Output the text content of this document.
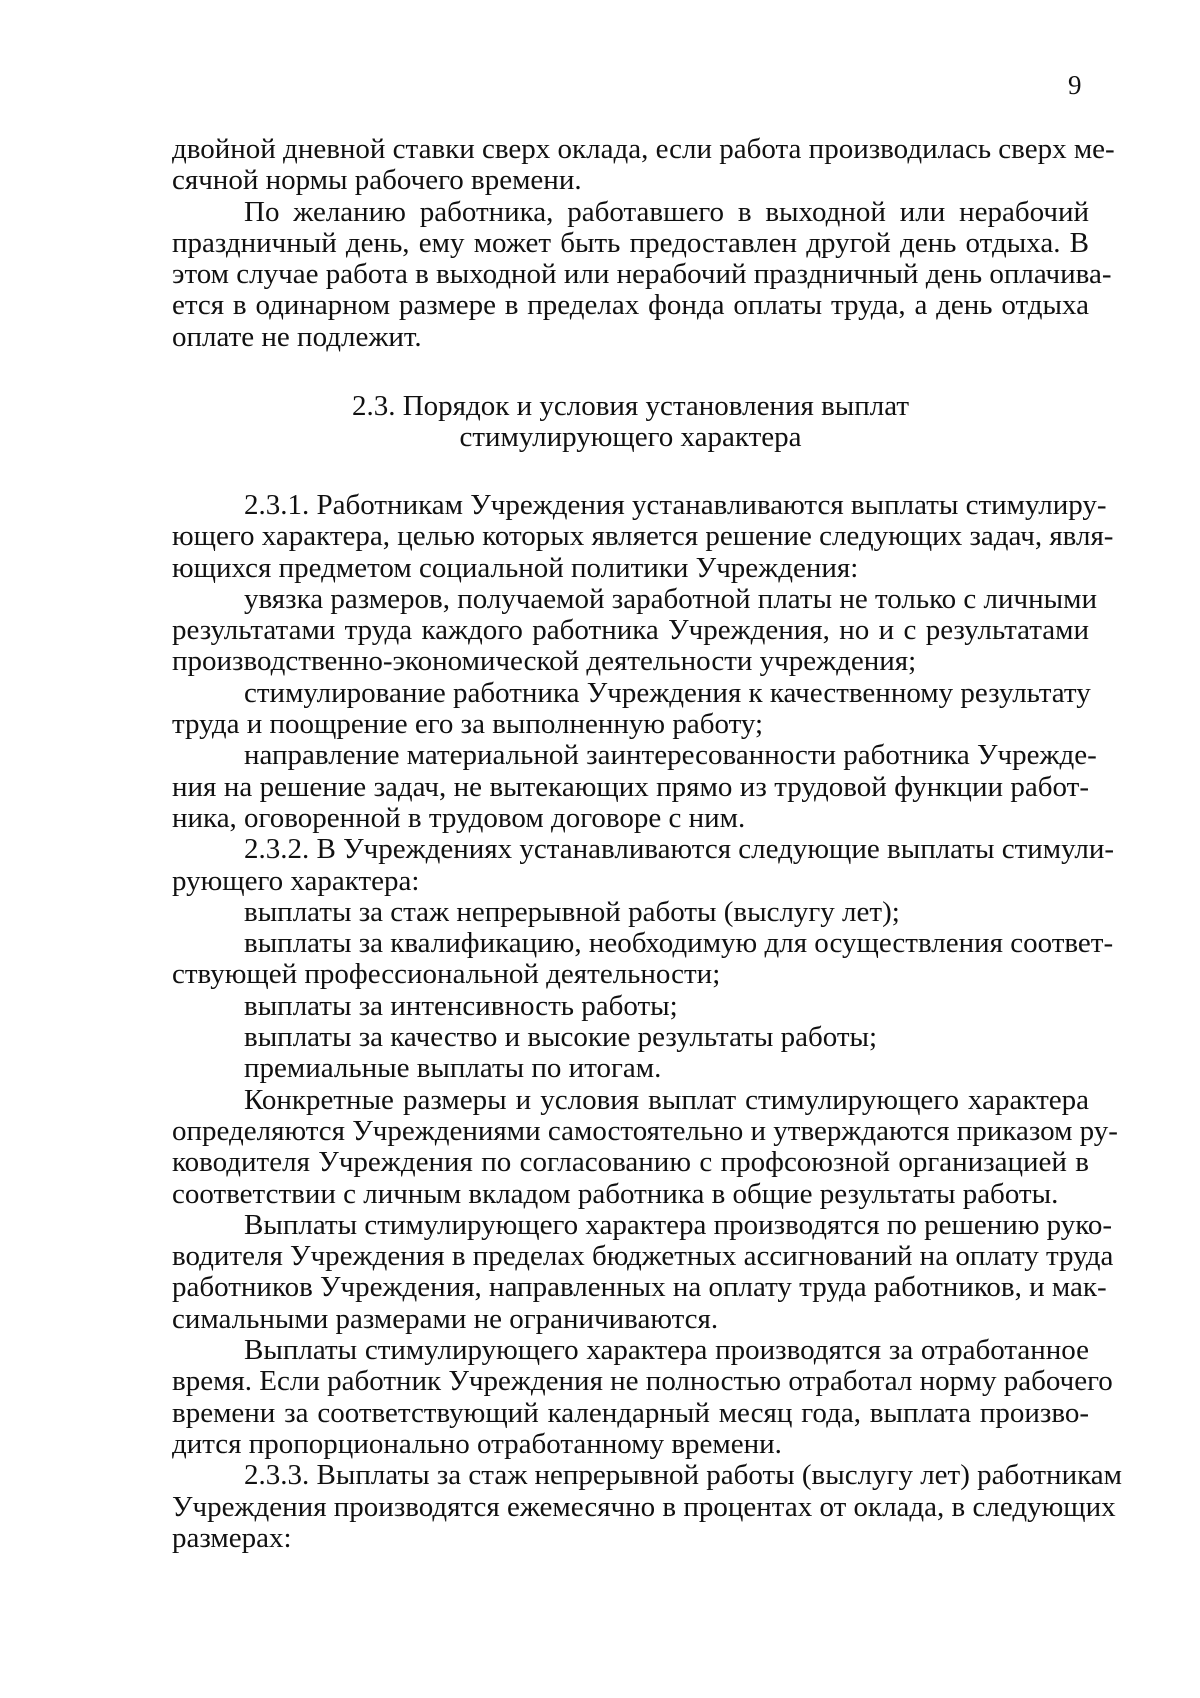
9
двойной дневной ставки сверх оклада, если работа производилась сверх ме-
сячной нормы рабочего времени.
По желанию работника, работавшего в выходной или нерабочий
праздничный день, ему может быть предоставлен другой день отдыха. В
этом случае работа в выходной или нерабочий праздничный день оплачива-
ется в одинарном размере в пределах фонда оплаты труда, а день отдыха
оплате не подлежит.
2.3. Порядок и условия установления выплат
стимулирующего характера
2.3.1. Работникам Учреждения устанавливаются выплаты стимулиру-
ющего характера, целью которых является решение следующих задач, явля-
ющихся предметом социальной политики Учреждения:
увязка размеров, получаемой заработной платы не только с личными
результатами труда каждого работника Учреждения, но и с результатами
производственно-экономической деятельности учреждения;
стимулирование работника Учреждения к качественному результату
труда и поощрение его за выполненную работу;
направление материальной заинтересованности работника Учрежде-
ния на решение задач, не вытекающих прямо из трудовой функции работ-
ника, оговоренной в трудовом договоре с ним.
2.3.2. В Учреждениях устанавливаются следующие выплаты стимули-
рующего характера:
выплаты за стаж непрерывной работы (выслугу лет);
выплаты за квалификацию, необходимую для осуществления соответ-
ствующей профессиональной деятельности;
выплаты за интенсивность работы;
выплаты за качество и высокие результаты работы;
премиальные выплаты по итогам.
Конкретные размеры и условия выплат стимулирующего характера
определяются Учреждениями самостоятельно и утверждаются приказом ру-
ководителя Учреждения по согласованию с профсоюзной организацией в
соответствии с личным вкладом работника в общие результаты работы.
Выплаты стимулирующего характера производятся по решению руко-
водителя Учреждения в пределах бюджетных ассигнований на оплату труда
работников Учреждения, направленных на оплату труда работников, и мак-
симальными размерами не ограничиваются.
Выплаты стимулирующего характера производятся за отработанное
время. Если работник Учреждения не полностью отработал норму рабочего
времени за соответствующий календарный месяц года, выплата произво-
дится пропорционально отработанному времени.
2.3.3. Выплаты за стаж непрерывной работы (выслугу лет) работникам
Учреждения производятся ежемесячно в процентах от оклада, в следующих
размерах:
